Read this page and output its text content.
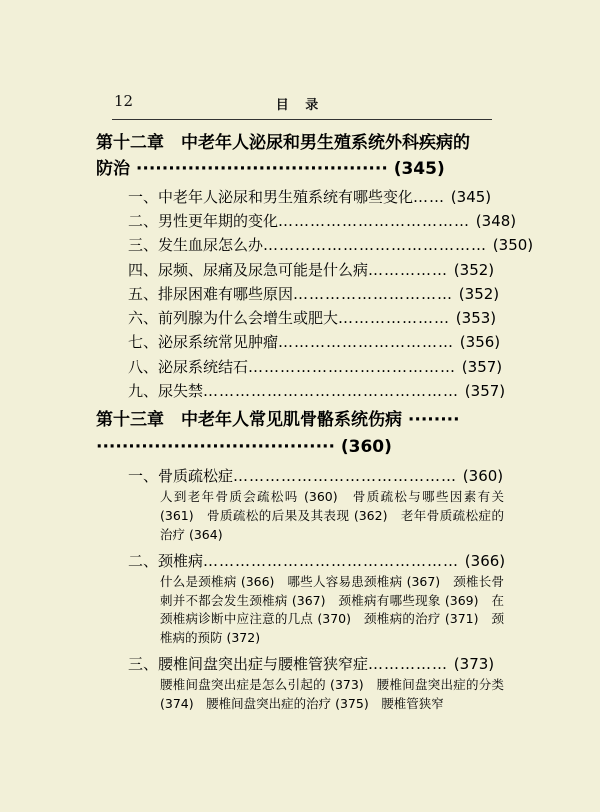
12	目 录
第十二章　中老年人泌尿和男生殖系统外科疾病的
防治 ······································· (345)
一、中老年人泌尿和男生殖系统有哪些变化…… (345)
二、男性更年期的变化……………………………… (348)
三、发生血尿怎么办…………………………………… (350)
四、尿频、尿痛及尿急可能是什么病…………… (352)
五、排尿困难有哪些原因………………………… (352)
六、前列腺为什么会增生或肥大………………… (353)
七、泌尿系统常见肿瘤…………………………… (356)
八、泌尿系统结石………………………………… (357)
九、尿失禁………………………………………… (357)
第十三章　中老年人常见肌骨骼系统伤病 ········
····································· (360)
一、骨质疏松症…………………………………… (360)
人到老年骨质会疏松吗 (360)　骨质疏松与哪些因素有关 (361)　骨质疏松的后果及其表现 (362)　老年骨质疏松症的治疗 (364)
二、颈椎病………………………………………… (366)
什么是颈椎病 (366)　哪些人容易患颈椎病 (367)　颈椎长骨刺并不都会发生颈椎病 (367)　颈椎病有哪些现象 (369)　在颈椎病诊断中应注意的几点 (370)　颈椎病的治疗 (371)　颈椎病的预防 (372)
三、腰椎间盘突出症与腰椎管狭窄症…………… (373)
腰椎间盘突出症是怎么引起的 (373)　腰椎间盘突出症的分类 (374)　腰椎间盘突出症的治疗 (375)　腰椎管狭窄
